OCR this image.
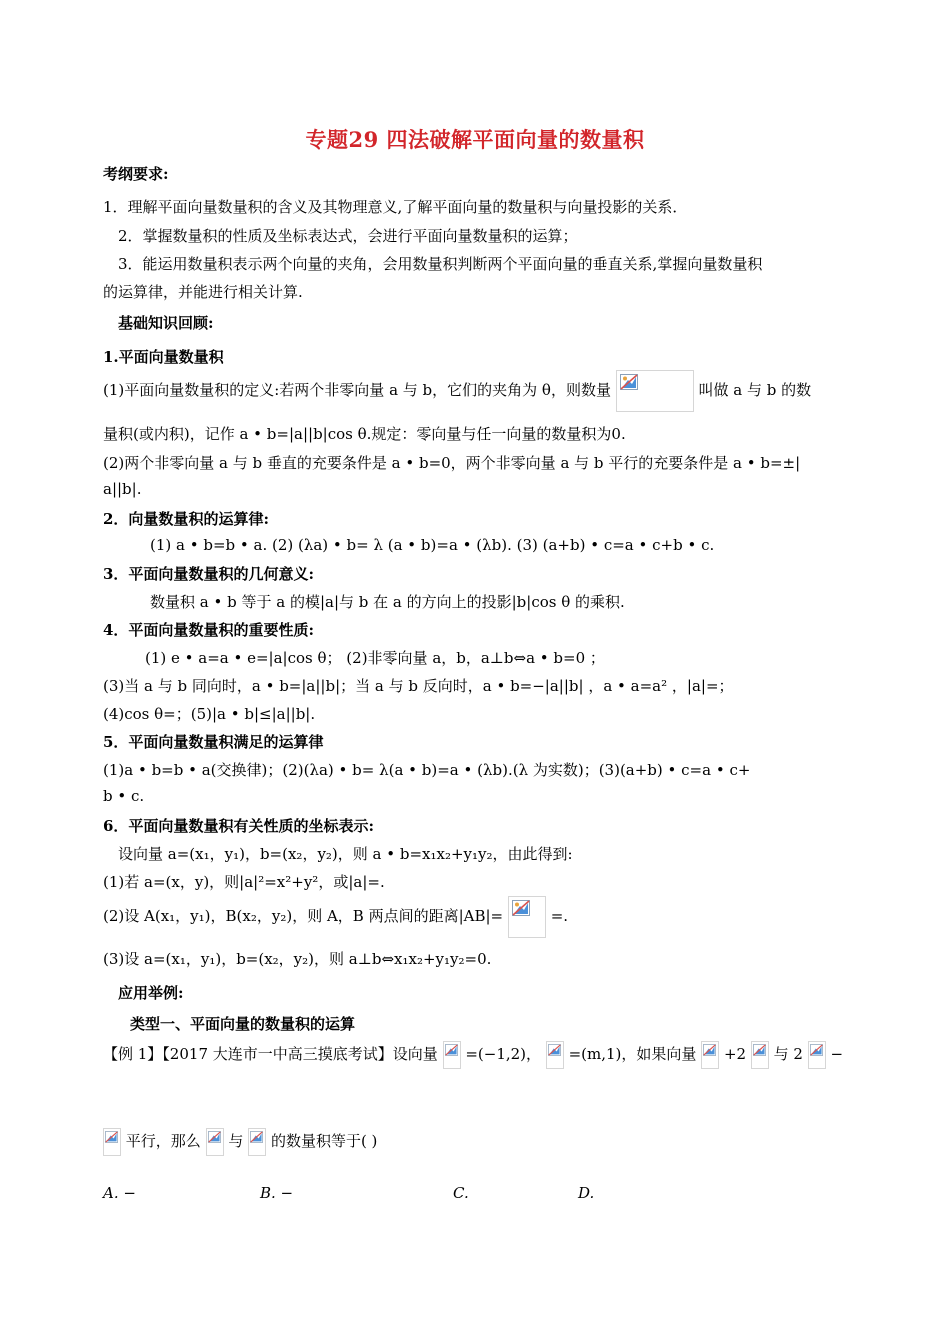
专题29 四法破解平面向量的数量积
考纲要求:
1．理解平面向量数量积的含义及其物理意义,了解平面向量的数量积与向量投影的关系．
2．掌握数量积的性质及坐标表达式，会进行平面向量数量积的运算；
3．能运用数量积表示两个向量的夹角，会用数量积判断两个平面向量的垂直关系,掌握向量数量积
的运算律，并能进行相关计算.
基础知识回顾:
1.平面向量数量积
(1)平面向量数量积的定义:若两个非零向量 a 与 b，它们的夹角为 θ，则数量	叫做 a 与 b 的数
量积(或内积)，记作 a • b=|a||b|cos θ.规定：零向量与任一向量的数量积为0.
(2)两个非零向量 a 与 b 垂直的充要条件是 a • b=0，两个非零向量 a 与 b 平行的充要条件是 a • b=±|
a||b|.
2．向量数量积的运算律:
(1) a • b=b • a. (2) (λa) • b= λ (a • b)=a • (λb). (3) (a+b) • c=a • c+b • c.
3．平面向量数量积的几何意义:
数量积 a • b 等于 a 的模|a|与 b 在 a 的方向上的投影|b|cos θ 的乘积.
4．平面向量数量积的重要性质:
(1) e • a=a • e=|a|cos θ； (2)非零向量 a，b，a⊥b⇔a • b=0 ；
(3)当 a 与 b 同向时，a • b=|a||b|；当 a 与 b 反向时，a • b=−|a||b| ，a • a=a² ，|a|=；
(4)cos θ=；(5)|a • b|≤|a||b|.
5．平面向量数量积满足的运算律
(1)a • b=b • a(交换律)；(2)(λa) • b= λ(a • b)=a • (λb).(λ 为实数)；(3)(a+b) • c=a • c+
b • c.
6．平面向量数量积有关性质的坐标表示:
设向量 a=(x₁，y₁)，b=(x₂，y₂)，则 a • b=x₁x₂+y₁y₂，由此得到:
(1)若 a=(x，y)，则|a|²=x²+y²，或|a|=.
(2)设 A(x₁，y₁)，B(x₂，y₂)，则 A，B 两点间的距离|AB|=	=.
(3)设 a=(x₁，y₁)，b=(x₂，y₂)，则 a⊥b⇔x₁x₂+y₁y₂=0.
应用举例:
类型一、平面向量的数量积的运算
【例 1】【2017 大连市一中高三摸底考试】设向量 =(−1,2)， =(m,1)，如果向量 +2 与 2 −
平行，那么 与 的数量积等于( )
A. −	B. −	C.	D.
